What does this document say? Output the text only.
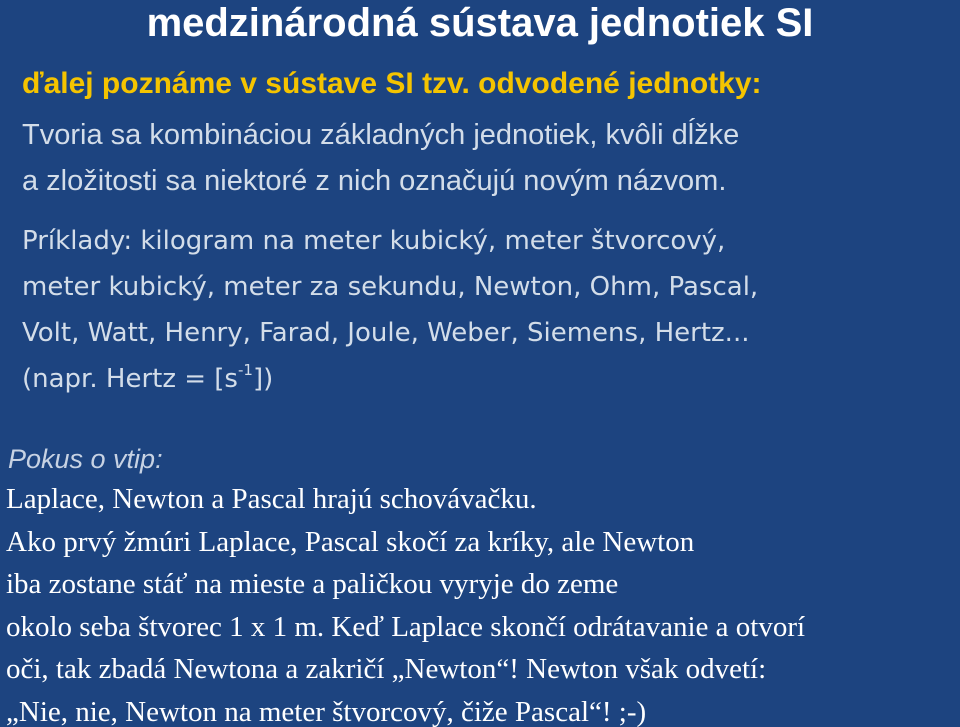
medzinárodná sústava jednotiek SI
ďalej poznáme v sústave SI tzv. odvodené jednotky:
Tvoria sa kombináciou základných jednotiek, kvôli dĺžke
a zložitosti sa niektoré z nich označujú novým názvom.
Príklady: kilogram na meter kubický, meter štvorcový,
meter kubický, meter za sekundu, Newton, Ohm, Pascal,
Volt, Watt, Henry, Farad, Joule, Weber, Siemens, Hertz...
(napr. Hertz = $[s^{-1}]$)
Pokus o vtip:
Laplace, Newton a Pascal hrajú schovávačku.
Ako prvý žmúri Laplace, Pascal skočí za kríky, ale Newton
iba zostane stáť na mieste a paličkou vyryje do zeme
okolo seba štvorec 1 x 1 m. Keď Laplace skončí odrátavanie a otvorí
oči, tak zbadá Newtona a zakričí „Newton“! Newton však odvetí:
„Nie, nie, Newton na meter štvorcový, čiže Pascal“! ;-)
